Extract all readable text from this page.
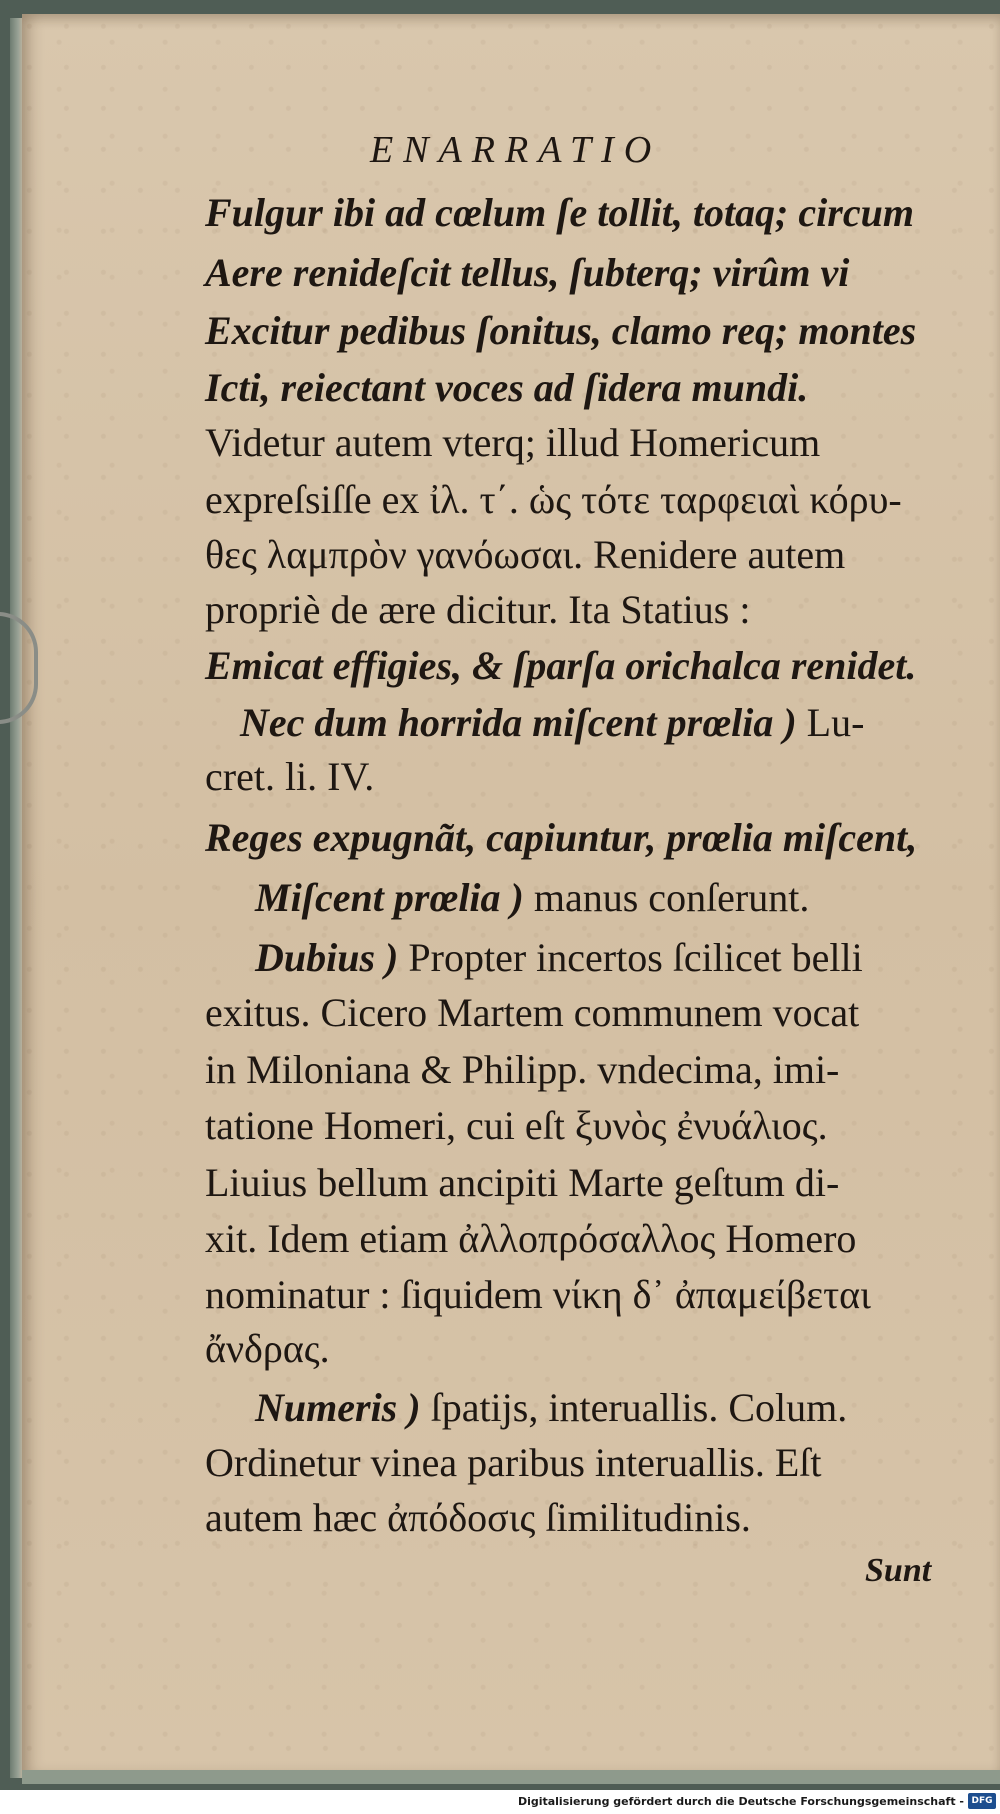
ENARRATIO
Fulgur ibi ad cœlum ſe tollit, totaq; circum
Aere renideſcit tellus, ſubterq; virûm vi
Excitur pedibus ſonitus, clamo req; montes
Icti, reiectant voces ad ſidera mundi.
Videtur autem vterq; illud Homericum
expreſsiſſe ex ἰλ. τ΄. ὡς τότε ταρφειαὶ κόρυ-
θες λαμπρὸν γανόωσαι. Renidere autem
propriè de ære dicitur. Ita Statius :
Emicat effigies, & ſparſa orichalca renidet.
Nec dum horrida miſcent prœlia ) Lu-
cret. li. IV.
Reges expugnãt, capiuntur, prœlia miſcent,
Miſcent prœlia ) manus conſerunt.
Dubius ) Propter incertos ſcilicet belli
exitus. Cicero Martem communem vocat
in Miloniana & Philipp. vndecima, imi-
tatione Homeri, cui eſt ξυνὸς ἐνυάλιος.
Liuius bellum ancipiti Marte geſtum di-
xit. Idem etiam ἀλλοπρόσαλλος Homero
nominatur : ſiquidem νίκη δ᾽ ἀπαμείβεται
ἄνδρας.
Numeris ) ſpatijs, interuallis. Colum.
Ordinetur vinea paribus interuallis. Eſt
autem hæc ἀπόδοσις ſimilitudinis.
Sunt
Digitalisierung gefördert durch die Deutsche Forschungsgemeinschaft - DFG
